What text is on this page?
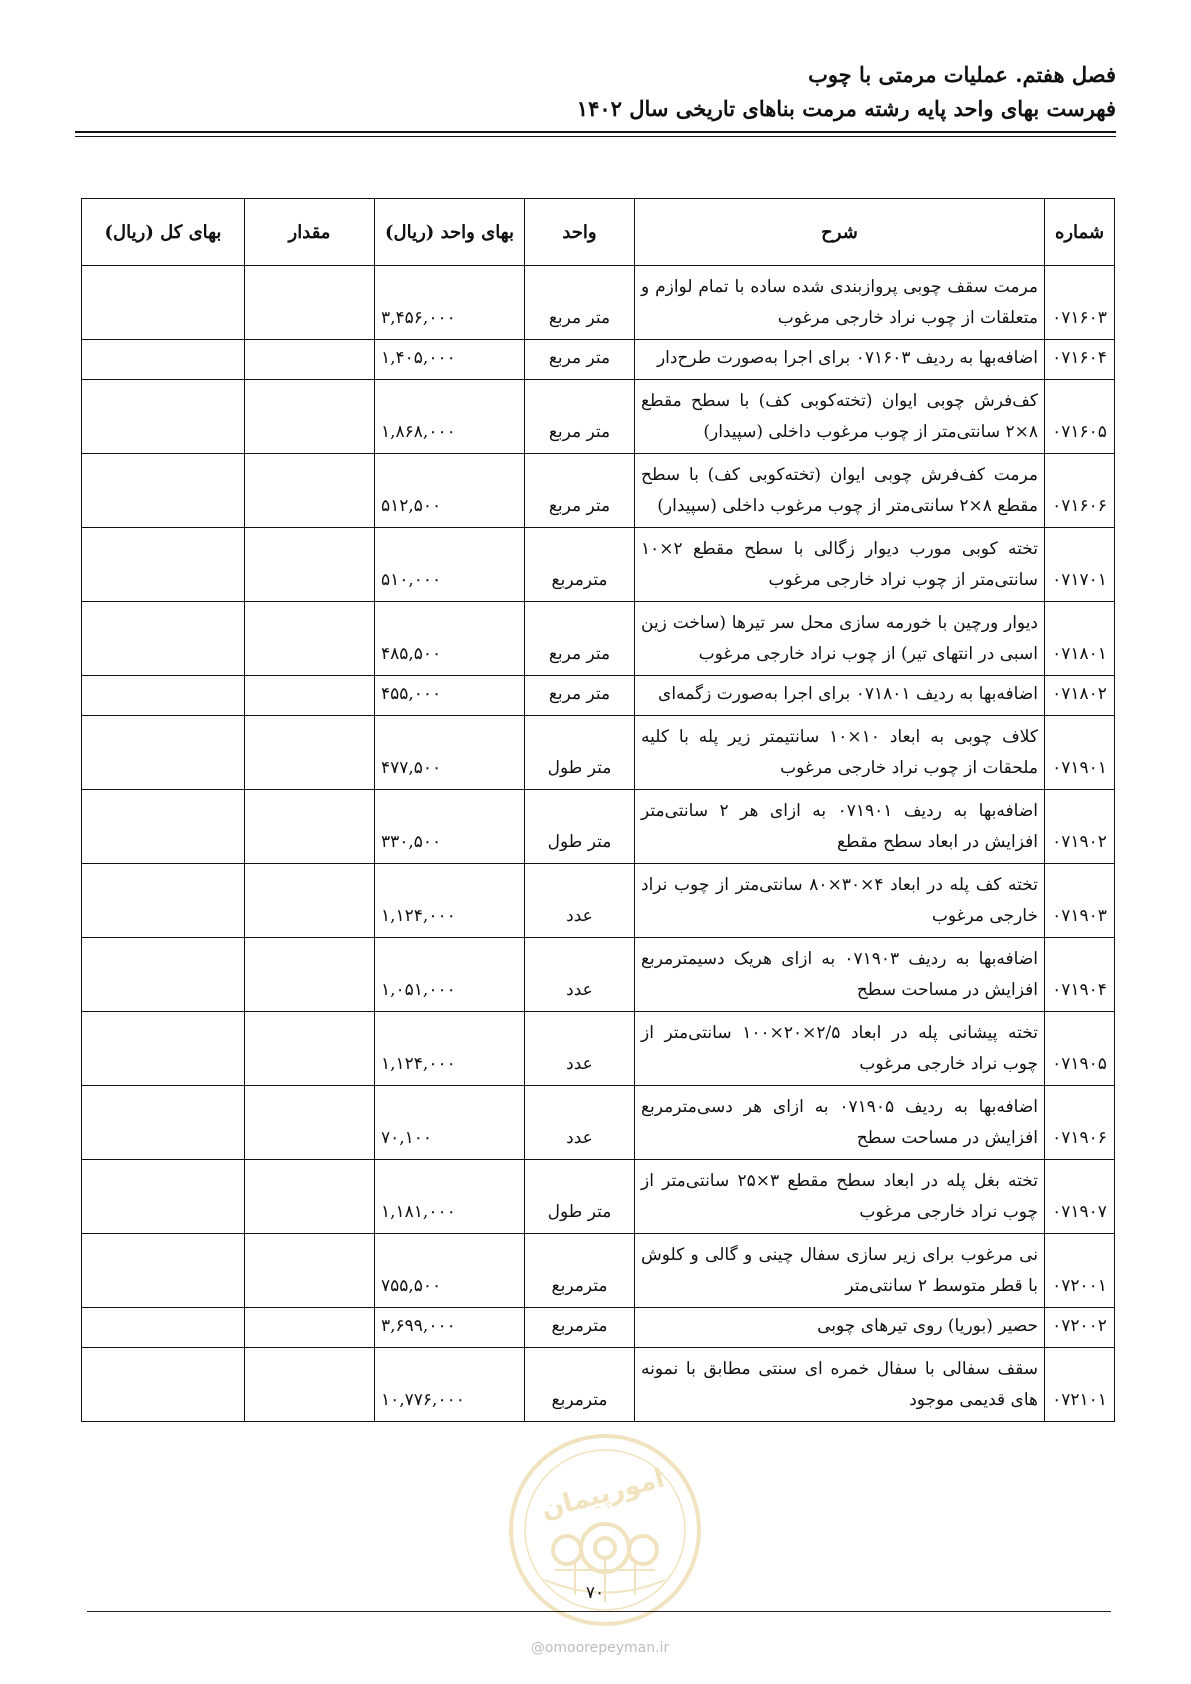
فصل هفتم. عملیات مرمتی با چوب
فهرست بهای واحد پایه رشته مرمت بناهای تاریخی سال ۱۴۰۲
شماره	شرح	واحد	بهای واحد (ریال)	مقدار	بهای کل (ریال)
۰۷۱۶۰۳	مرمت سقف چوبی پروازبندی شده ساده با تمام لوازم و متعلقات از چوب نراد خارجی مرغوب	متر مربع	۳,۴۵۶,۰۰۰		
۰۷۱۶۰۴	اضافه‌بها به ردیف ۰۷۱۶۰۳ برای اجرا به‌صورت طرح‌دار	متر مربع	۱,۴۰۵,۰۰۰		
۰۷۱۶۰۵	کف‌فرش چوبی ایوان (تخته‌کوبی کف) با سطح مقطع ۸×۲ سانتی‌متر از چوب مرغوب داخلی (سپیدار)	متر مربع	۱,۸۶۸,۰۰۰		
۰۷۱۶۰۶	مرمت کف‌فرش چوبی ایوان (تخته‌کوبی کف) با سطح مقطع ۸×۲ سانتی‌متر از چوب مرغوب داخلی (سپیدار)	متر مربع	۵۱۲,۵۰۰		
۰۷۱۷۰۱	تخته کوبی مورب دیوار زگالی با سطح مقطع ۲×۱۰ سانتی‌متر از چوب نراد خارجی مرغوب	مترمربع	۵۱۰,۰۰۰		
۰۷۱۸۰۱	دیوار ورچین با خورمه سازی محل سر تیرها (ساخت زین اسبی در انتهای تیر) از چوب نراد خارجی مرغوب	متر مربع	۴۸۵,۵۰۰		
۰۷۱۸۰۲	اضافه‌بها به ردیف ۰۷۱۸۰۱ برای اجرا به‌صورت زگمه‌ای	متر مربع	۴۵۵,۰۰۰		
۰۷۱۹۰۱	کلاف چوبی به ابعاد ۱۰×۱۰ سانتیمتر زیر پله با کلیه ملحقات از چوب نراد خارجی مرغوب	متر طول	۴۷۷,۵۰۰		
۰۷۱۹۰۲	اضافه‌بها به ردیف ۰۷۱۹۰۱ به ازای هر ۲ سانتی‌متر افزایش در ابعاد سطح مقطع	متر طول	۳۳۰,۵۰۰		
۰۷۱۹۰۳	تخته کف پله در ابعاد ۴×۳۰×۸۰ سانتی‌متر از چوب نراد خارجی مرغوب	عدد	۱,۱۲۴,۰۰۰		
۰۷۱۹۰۴	اضافه‌بها به ردیف ۰۷۱۹۰۳ به ازای هریک دسیمترمربع افزایش در مساحت سطح	عدد	۱,۰۵۱,۰۰۰		
۰۷۱۹۰۵	تخته پیشانی پله در ابعاد ۲/۵×۲۰×۱۰۰ سانتی‌متر از چوب نراد خارجی مرغوب	عدد	۱,۱۲۴,۰۰۰		
۰۷۱۹۰۶	اضافه‌بها به ردیف ۰۷۱۹۰۵ به ازای هر دسی‌مترمربع افزایش در مساحت سطح	عدد	۷۰,۱۰۰		
۰۷۱۹۰۷	تخته بغل پله در ابعاد سطح مقطع ۳×۲۵ سانتی‌متر از چوب نراد خارجی مرغوب	متر طول	۱,۱۸۱,۰۰۰		
۰۷۲۰۰۱	نی مرغوب برای زیر سازی سفال چینی و گالی و کلوش با قطر متوسط ۲ سانتی‌متر	مترمربع	۷۵۵,۵۰۰		
۰۷۲۰۰۲	حصیر (بوریا) روی تیرهای چوبی	مترمربع	۳,۶۹۹,۰۰۰		
۰۷۲۱۰۱	سقف سفالی با سفال خمره ای سنتی مطابق با نمونه های قدیمی موجود	مترمربع	۱۰,۷۷۶,۰۰۰		
امورپیمان
۷۰
@omoorepeyman.ir
